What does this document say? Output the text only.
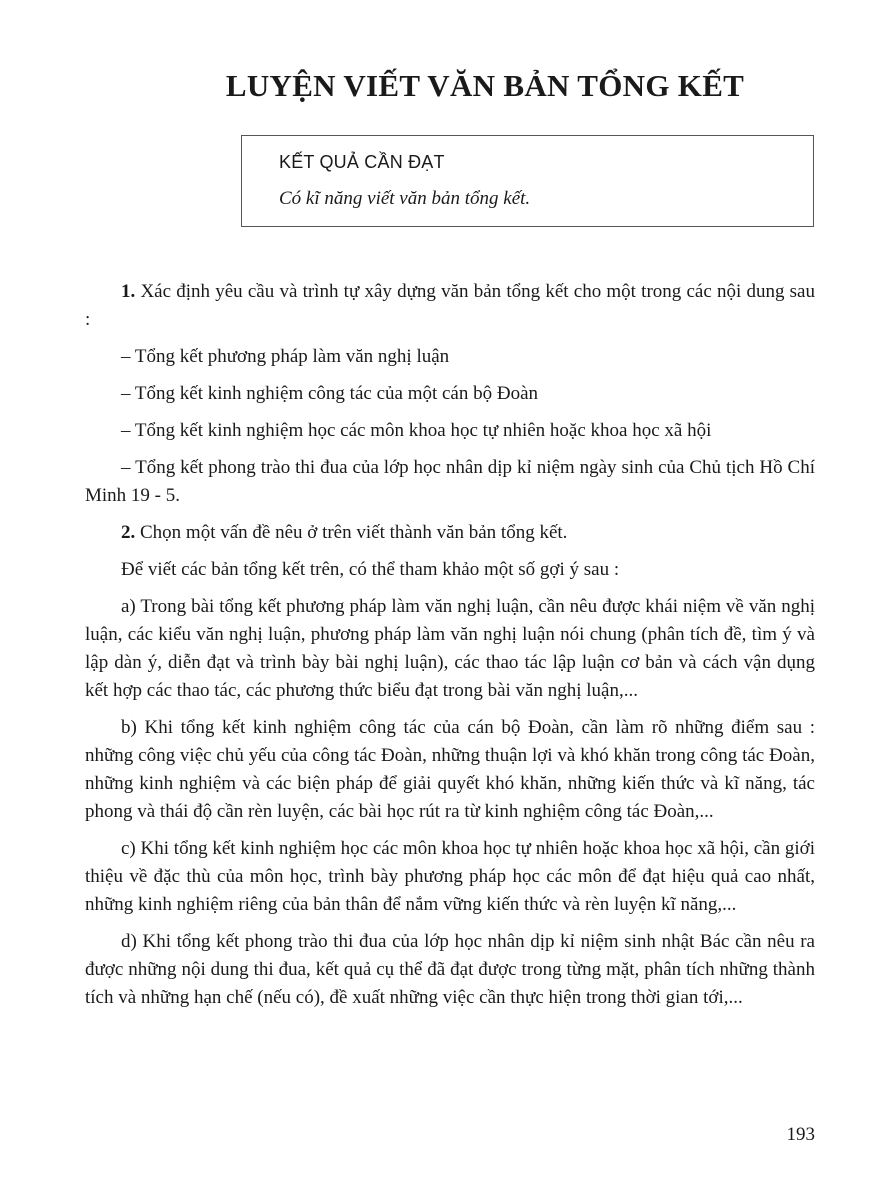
LUYỆN VIẾT VĂN BẢN TỔNG KẾT
KẾT QUẢ CẦN ĐẠT
Có kĩ năng viết văn bản tổng kết.

1. Xác định yêu cầu và trình tự xây dựng văn bản tổng kết cho một trong các nội dung sau :

– Tổng kết phương pháp làm văn nghị luận

– Tổng kết kinh nghiệm công tác của một cán bộ Đoàn

– Tổng kết kinh nghiệm học các môn khoa học tự nhiên hoặc khoa học xã hội

– Tổng kết phong trào thi đua của lớp học nhân dịp kỉ niệm ngày sinh của Chủ tịch Hồ Chí Minh 19 - 5.

2. Chọn một vấn đề nêu ở trên viết thành văn bản tổng kết.

Để viết các bản tổng kết trên, có thể tham khảo một số gợi ý sau :

a) Trong bài tổng kết phương pháp làm văn nghị luận, cần nêu được khái niệm về văn nghị luận, các kiểu văn nghị luận, phương pháp làm văn nghị luận nói chung (phân tích đề, tìm ý và lập dàn ý, diễn đạt và trình bày bài nghị luận), các thao tác lập luận cơ bản và cách vận dụng kết hợp các thao tác, các phương thức biểu đạt trong bài văn nghị luận,...

b) Khi tổng kết kinh nghiệm công tác của cán bộ Đoàn, cần làm rõ những điểm sau : những công việc chủ yếu của công tác Đoàn, những thuận lợi và khó khăn trong công tác Đoàn, những kinh nghiệm và các biện pháp để giải quyết khó khăn, những kiến thức và kĩ năng, tác phong và thái độ cần rèn luyện, các bài học rút ra từ kinh nghiệm công tác Đoàn,...

c) Khi tổng kết kinh nghiệm học các môn khoa học tự nhiên hoặc khoa học xã hội, cần giới thiệu về đặc thù của môn học, trình bày phương pháp học các môn để đạt hiệu quả cao nhất, những kinh nghiệm riêng của bản thân để nắm vững kiến thức và rèn luyện kĩ năng,...

d) Khi tổng kết phong trào thi đua của lớp học nhân dịp kỉ niệm sinh nhật Bác cần nêu ra được những nội dung thi đua, kết quả cụ thể đã đạt được trong từng mặt, phân tích những thành tích và những hạn chế (nếu có), đề xuất những việc cần thực hiện trong thời gian tới,...

193
